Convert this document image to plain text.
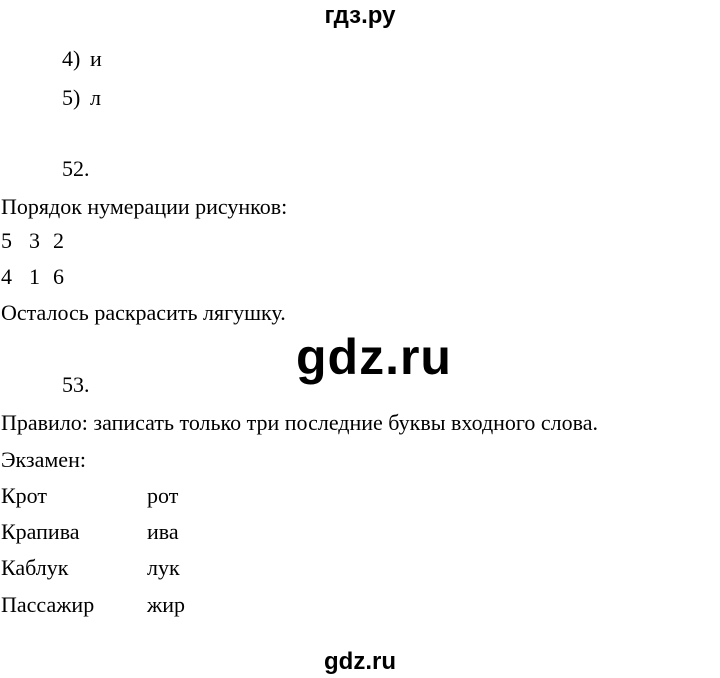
гдз.ру
gdz.ru
gdz.ru
4) и
5) л
52.
Порядок нумерации рисунков:
5 3 2
4 1 6
Осталось раскрасить лягушку.
53.
Правило: записать только три последние буквы входного слова.
Экзамен:
Крот	рот
Крапива	ива
Каблук	лук
Пассажир жир
